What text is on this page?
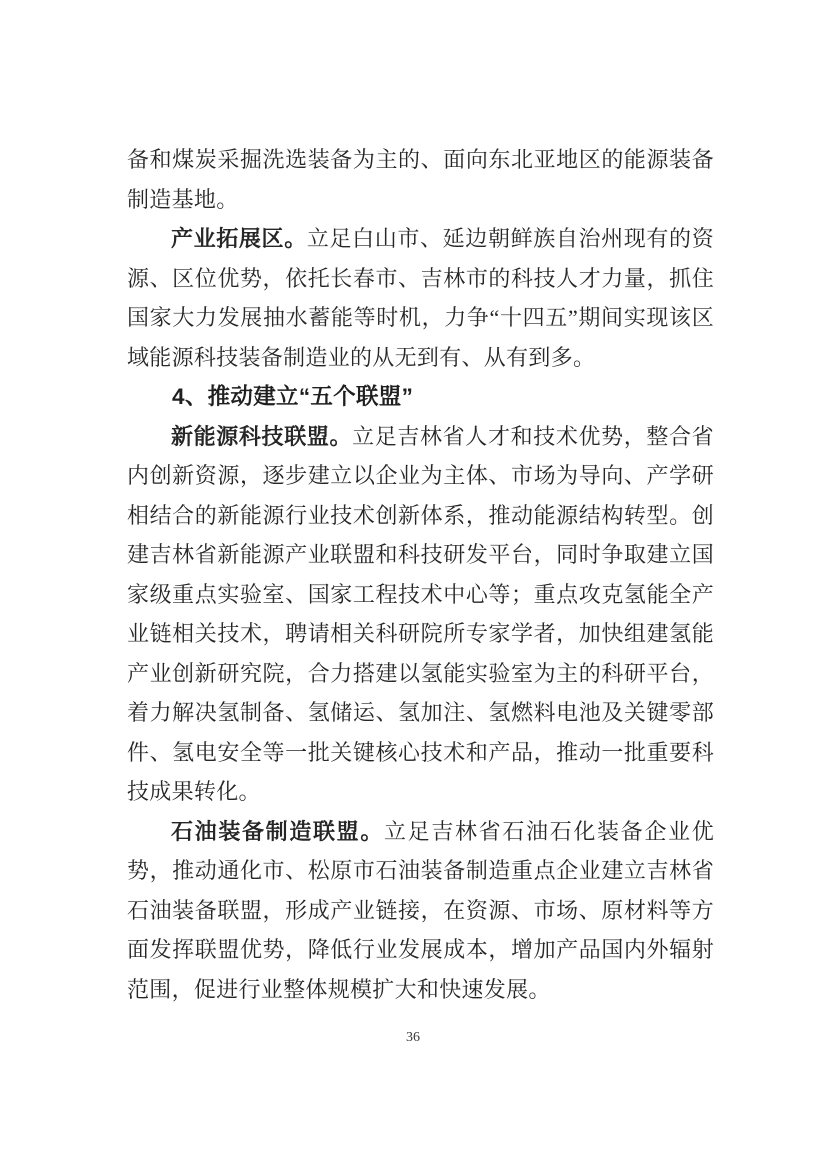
备和煤炭采掘洗选装备为主的、面向东北亚地区的能源装备制造基地。

产业拓展区。立足白山市、延边朝鲜族自治州现有的资源、区位优势，依托长春市、吉林市的科技人才力量，抓住国家大力发展抽水蓄能等时机，力争“十四五”期间实现该区域能源科技装备制造业的从无到有、从有到多。

4、推动建立“五个联盟”

新能源科技联盟。立足吉林省人才和技术优势，整合省内创新资源，逐步建立以企业为主体、市场为导向、产学研相结合的新能源行业技术创新体系，推动能源结构转型。创建吉林省新能源产业联盟和科技研发平台，同时争取建立国家级重点实验室、国家工程技术中心等；重点攻克氢能全产业链相关技术，聘请相关科研院所专家学者，加快组建氢能产业创新研究院，合力搭建以氢能实验室为主的科研平台，着力解决氢制备、氢储运、氢加注、氢燃料电池及关键零部件、氢电安全等一批关键核心技术和产品，推动一批重要科技成果转化。

石油装备制造联盟。立足吉林省石油石化装备企业优势，推动通化市、松原市石油装备制造重点企业建立吉林省石油装备联盟，形成产业链接，在资源、市场、原材料等方面发挥联盟优势，降低行业发展成本，增加产品国内外辐射范围，促进行业整体规模扩大和快速发展。

36
